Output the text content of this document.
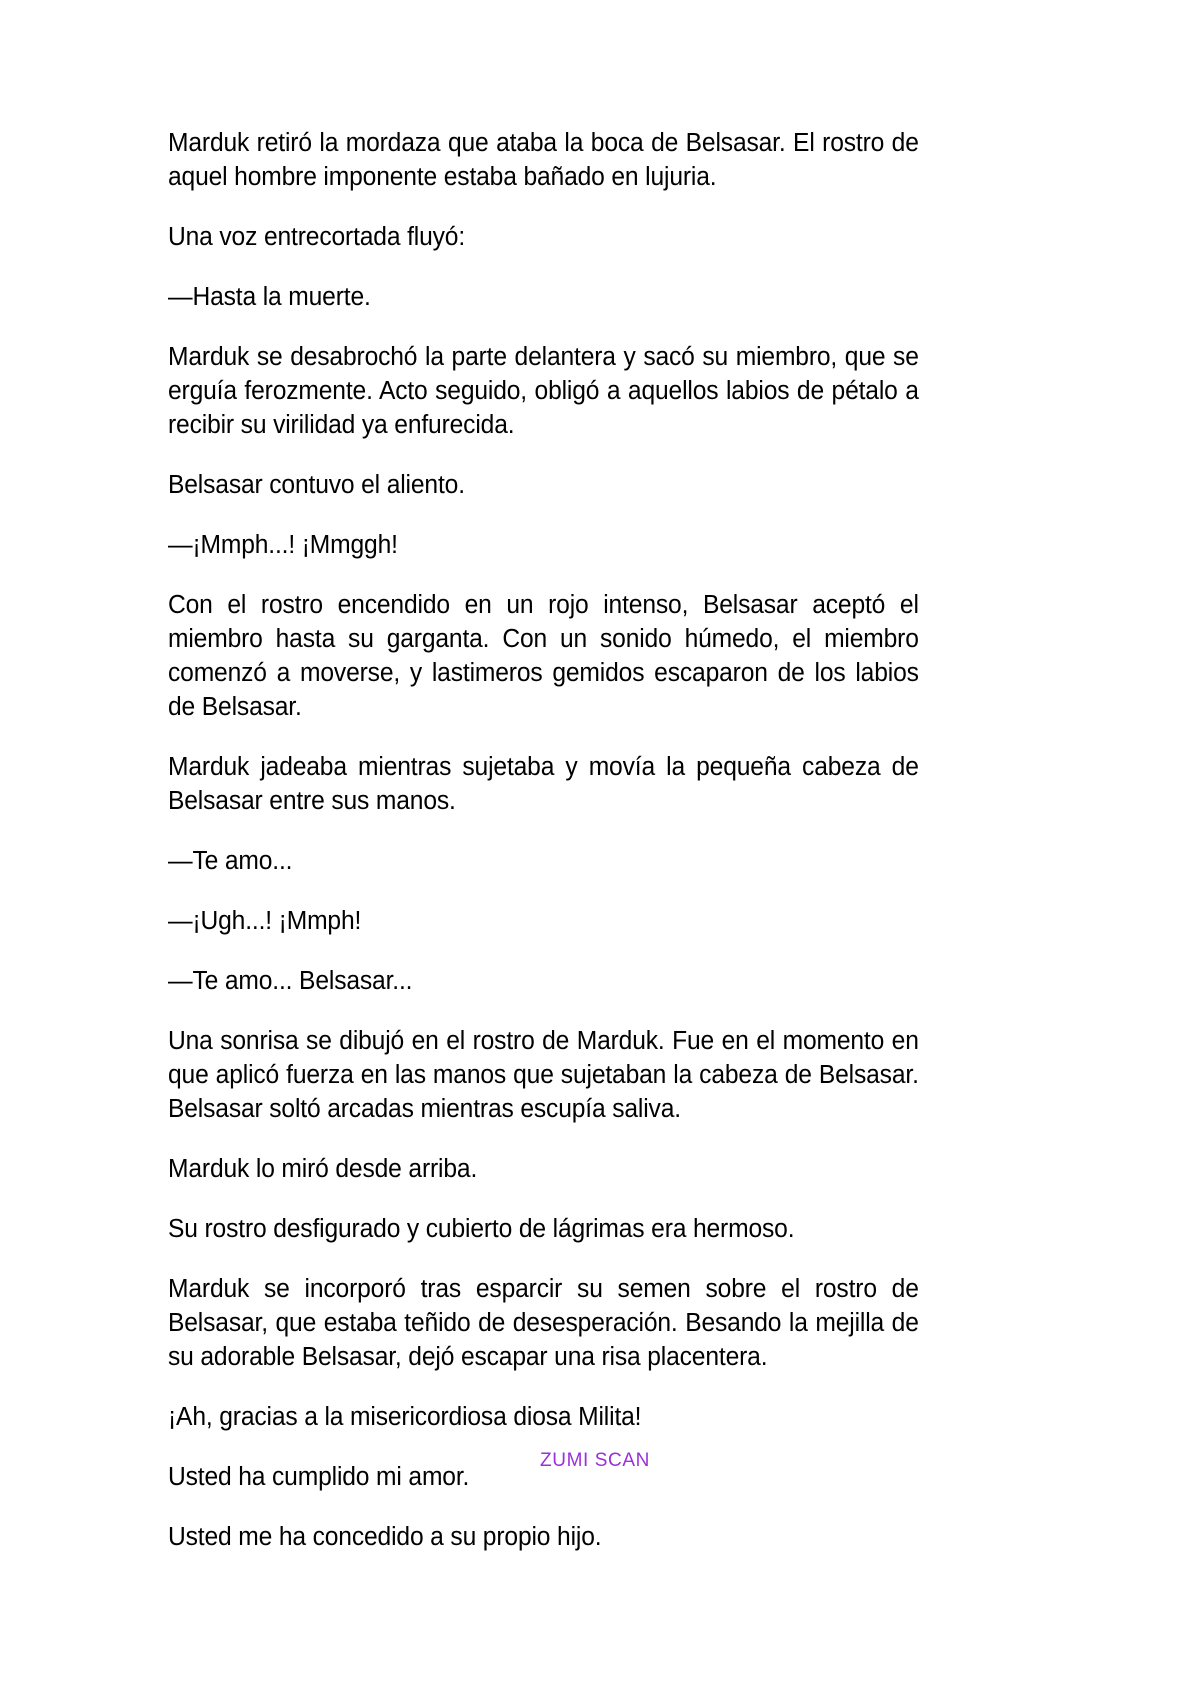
Marduk retiró la mordaza que ataba la boca de Belsasar. El rostro de aquel hombre imponente estaba bañado en lujuria.

Una voz entrecortada fluyó:

—Hasta la muerte.

Marduk se desabrochó la parte delantera y sacó su miembro, que se erguía ferozmente. Acto seguido, obligó a aquellos labios de pétalo a recibir su virilidad ya enfurecida.

Belsasar contuvo el aliento.

—¡Mmph...! ¡Mmggh!

Con el rostro encendido en un rojo intenso, Belsasar aceptó el miembro hasta su garganta. Con un sonido húmedo, el miembro comenzó a moverse, y lastimeros gemidos escaparon de los labios de Belsasar.

Marduk jadeaba mientras sujetaba y movía la pequeña cabeza de Belsasar entre sus manos.

—Te amo...

—¡Ugh...! ¡Mmph!

—Te amo... Belsasar...

Una sonrisa se dibujó en el rostro de Marduk. Fue en el momento en que aplicó fuerza en las manos que sujetaban la cabeza de Belsasar. Belsasar soltó arcadas mientras escupía saliva.

Marduk lo miró desde arriba.

Su rostro desfigurado y cubierto de lágrimas era hermoso.

Marduk se incorporó tras esparcir su semen sobre el rostro de Belsasar, que estaba teñido de desesperación. Besando la mejilla de su adorable Belsasar, dejó escapar una risa placentera.

¡Ah, gracias a la misericordiosa diosa Milita!

Usted ha cumplido mi amor.

Usted me ha concedido a su propio hijo.

ZUMI SCAN
